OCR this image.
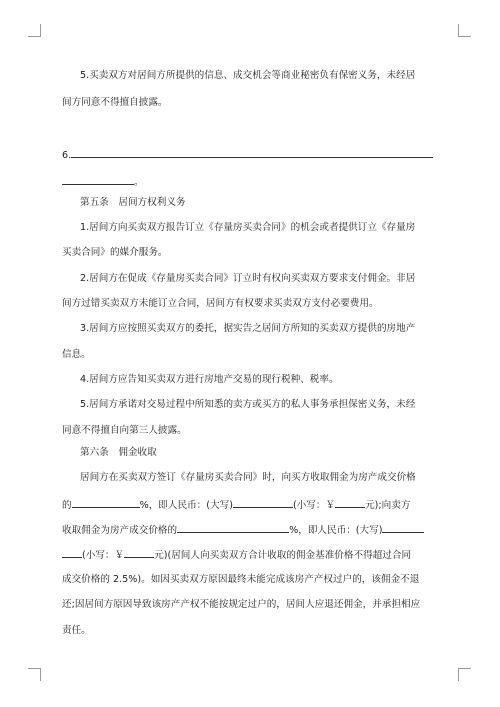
5.买卖双方对居间方所提供的信息、成交机会等商业秘密负有保密义务，未经居
间方同意不得擅自披露。
6.
。
第五条　居间方权利义务
1.居间方向买卖双方报告订立《存量房买卖合同》的机会或者提供订立《存量房
买卖合同》的媒介服务。
2.居间方在促成《存量房买卖合同》订立时有权向买卖双方要求支付佣金。非居
间方过错买卖双方未能订立合同，居间方有权要求买卖双方支付必要费用。
3.居间方应按照买卖双方的委托，据实告之居间方所知的买卖双方提供的房地产
信息。
4.居间方应告知买卖双方进行房地产交易的现行税种、税率。
5.居间方承诺对交易过程中所知悉的卖方或买方的私人事务承担保密义务，未经
同意不得擅自向第三人披露。
第六条　佣金收取
居间方在买卖双方签订《存量房买卖合同》时，向买方收取佣金为房产成交价格
的	%，即人民币：(大写)	(小写：￥	元);向卖方
收取佣金为房产成交价格的	%，即人民币：(大写)
(小写：￥	元)(居间人向买卖双方合计收取的佣金基准价格不得超过合同
成交价格的 2.5%)。如因买卖双方原因最终未能完成该房产产权过户的，该佣金不退
还;因居间方原因导致该房产产权不能按规定过户的，居间人应退还佣金，并承担相应
责任。
